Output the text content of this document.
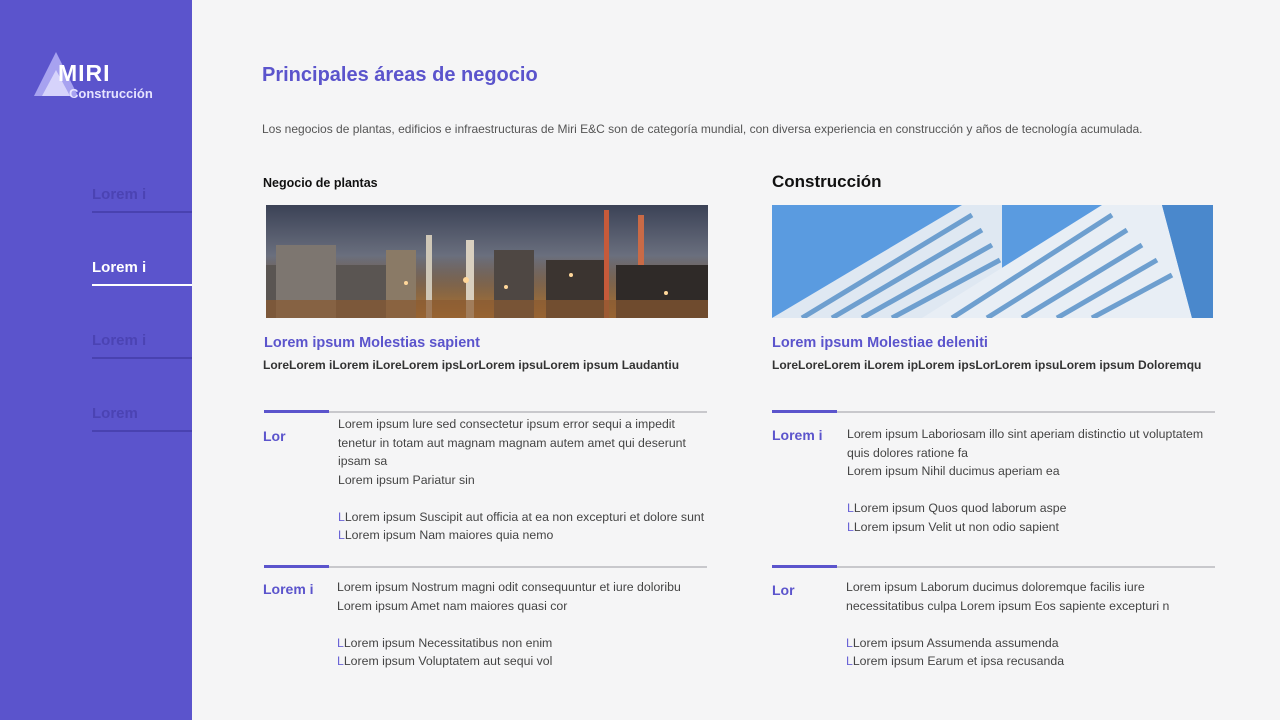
MIRI
Construcción
Lorem i
Lorem i
Lorem i
Lorem
Principales áreas de negocio

Los negocios de plantas, edificios e infraestructuras de Miri E&C son de categoría mundial, con diversa experiencia en construcción y años de tecnología acumulada.

Negocio de plantas
Lorem ipsum Molestias sapient
LoreLorem iLorem iLoreLorem ipsLorLorem ipsuLorem ipsum Laudantiu
Lor

Lorem ipsum lure sed consectetur ipsum error sequi a impedit

tenetur in totam aut magnam magnam autem amet qui deserunt

ipsam sa

Lorem ipsum Pariatur sin

LLorem ipsum Suscipit aut officia at ea non excepturi et dolore sunt

LLorem ipsum Nam maiores quia nemo

Lorem i Lorem ipsum Nostrum magni odit consequuntur et iure doloribu

Lorem ipsum Amet nam maiores quasi cor

LLorem ipsum Necessitatibus non enim

LLorem ipsum Voluptatem aut sequi vol

Construcción
Lorem ipsum Molestiae deleniti
LoreLoreLorem iLorem ipLorem ipsLorLorem ipsuLorem ipsum Doloremqu
Lorem i Lorem ipsum Laboriosam illo sint aperiam distinctio ut voluptatem

quis dolores ratione fa

Lorem ipsum Nihil ducimus aperiam ea

LLorem ipsum Quos quod laborum aspe

LLorem ipsum Velit ut non odio sapient

Lor	Lorem ipsum Laborum ducimus doloremque facilis iure

necessitatibus culpa Lorem ipsum Eos sapiente excepturi n

LLorem ipsum Assumenda assumenda

LLorem ipsum Earum et ipsa recusanda
